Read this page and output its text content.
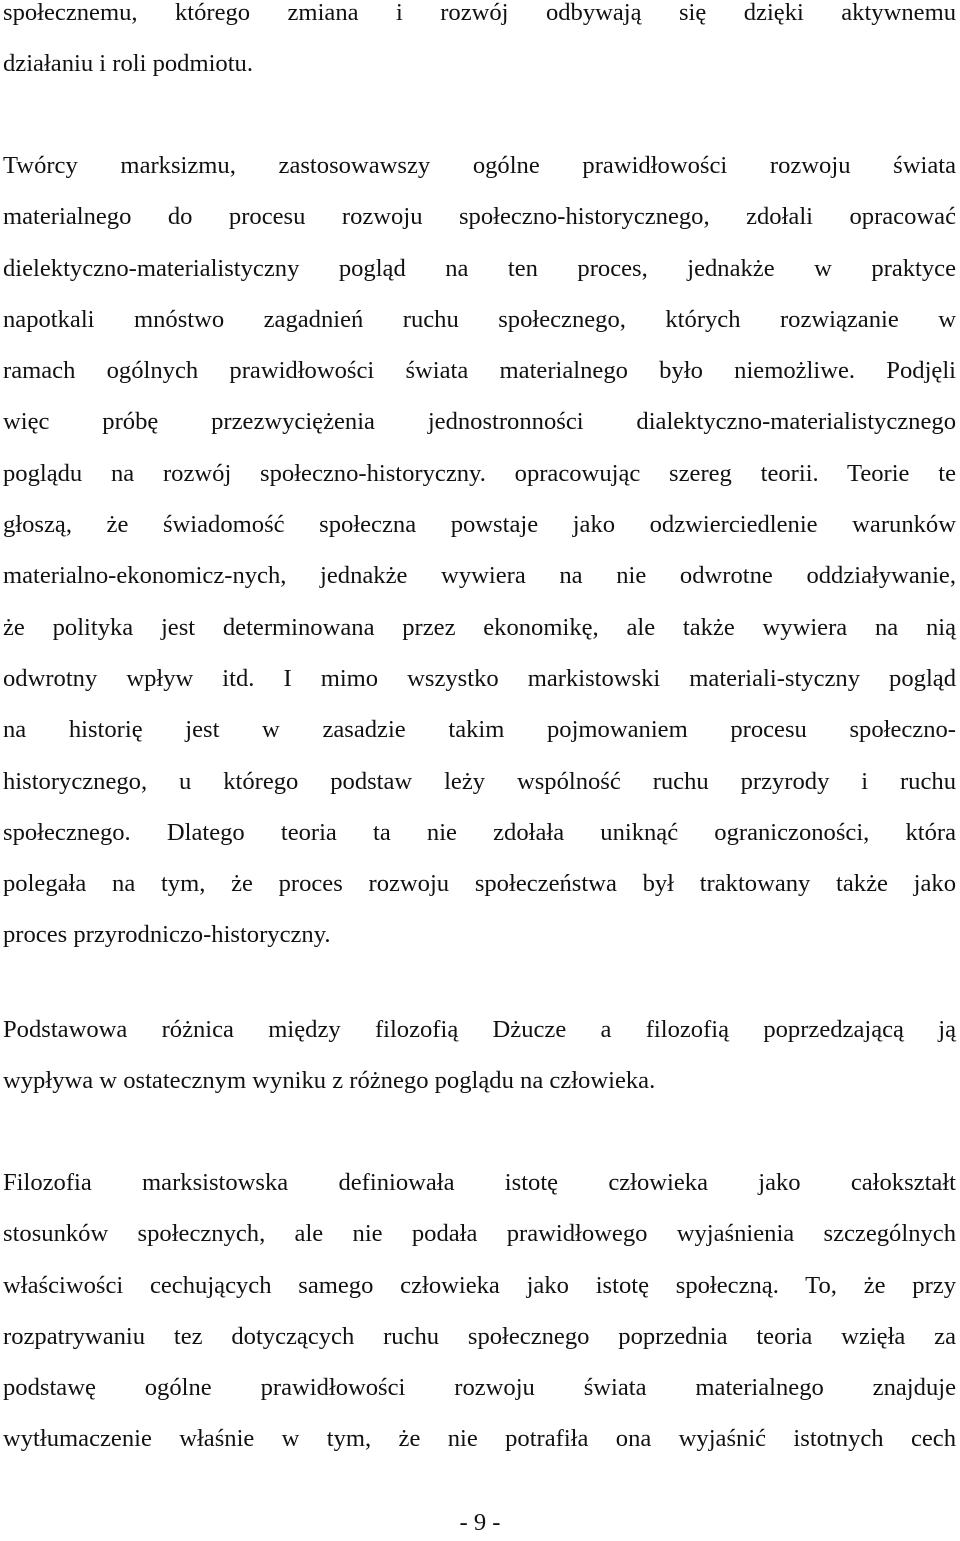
społecznemu, którego zmiana i rozwój odbywają się dzięki aktywnemu
działaniu i roli podmiotu.

Twórcy marksizmu, zastosowawszy ogólne prawidłowości rozwoju świata
materialnego do procesu rozwoju społeczno-historycznego, zdołali opracować
dielektyczno-materialistyczny pogląd na ten proces, jednakże w praktyce
napotkali mnóstwo zagadnień ruchu społecznego, których rozwiązanie w
ramach ogólnych prawidłowości świata materialnego było niemożliwe. Podjęli
więc próbę przezwyciężenia jednostronności dialektyczno-materialistycznego
poglądu na rozwój społeczno-historyczny. opracowując szereg teorii. Teorie te
głoszą, że świadomość społeczna powstaje jako odzwierciedlenie warunków
materialno-ekonomicz-nych, jednakże wywiera na nie odwrotne oddziaływanie,
że polityka jest determinowana przez ekonomikę, ale także wywiera na nią
odwrotny wpływ itd. I mimo wszystko markistowski materiali-styczny pogląd
na historię jest w zasadzie takim pojmowaniem procesu społeczno-
historycznego, u którego podstaw leży wspólność ruchu przyrody i ruchu
społecznego. Dlatego teoria ta nie zdołała uniknąć ograniczoności, która
polegała na tym, że proces rozwoju społeczeństwa był traktowany także jako
proces przyrodniczo-historyczny.

Podstawowa różnica między filozofią Dżucze a filozofią poprzedzającą ją
wypływa w ostatecznym wyniku z różnego poglądu na człowieka.

Filozofia marksistowska definiowała istotę człowieka jako całokształt
stosunków społecznych, ale nie podała prawidłowego wyjaśnienia szczególnych
właściwości cechujących samego człowieka jako istotę społeczną. To, że przy
rozpatrywaniu tez dotyczących ruchu społecznego poprzednia teoria wzięła za
podstawę ogólne prawidłowości rozwoju świata materialnego znajduje
wytłumaczenie właśnie w tym, że nie potrafiła ona wyjaśnić istotnych cech

- 9 -
